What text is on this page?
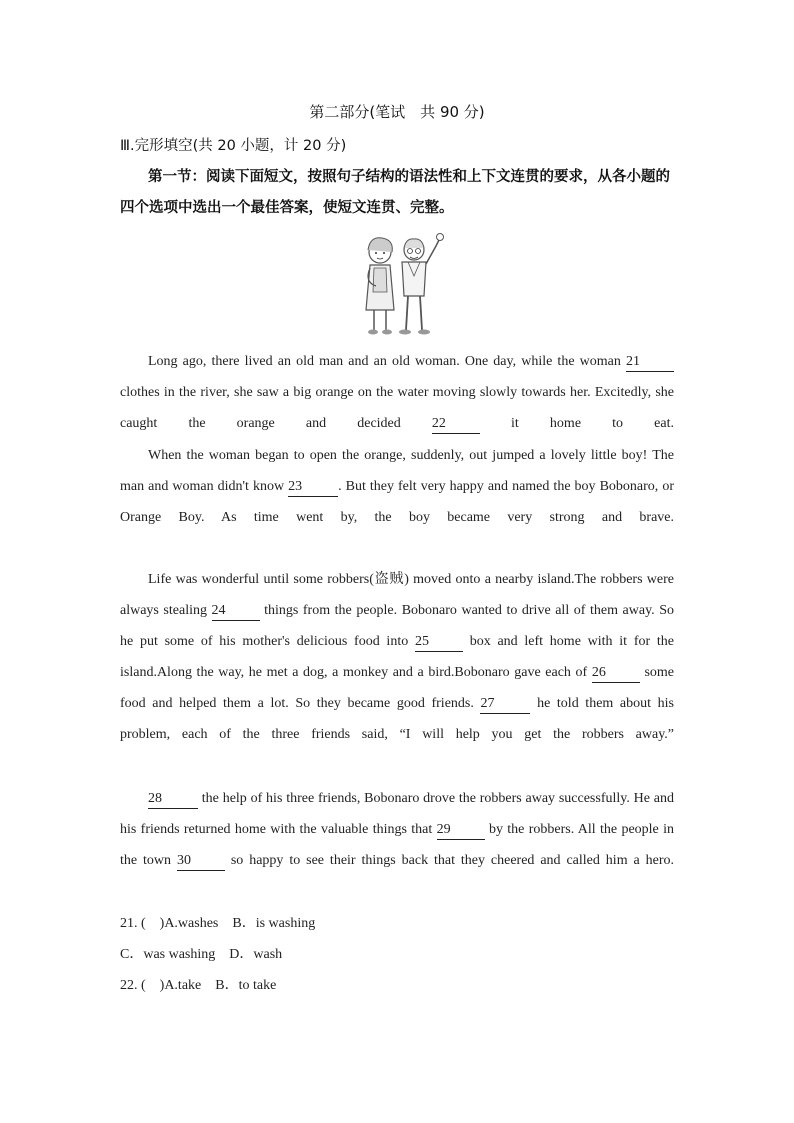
第二部分(笔试　共 90 分)
Ⅲ.完形填空(共 20 小题，计 20 分)
第一节：阅读下面短文，按照句子结构的语法性和上下文连贯的要求，从各小题的四个选项中选出一个最佳答案，使短文连贯、完整。
Long ago, there lived an old man and an old woman. One day, while the woman 21 clothes in the river, she saw a big orange on the water moving slowly towards her. Excitedly, she caught the orange and decided 22 it home to eat.
When the woman began to open the orange, suddenly, out jumped a lovely little boy! The man and woman didn't know 23	. But they felt very happy and named the boy Bobonaro, or Orange Boy. As time went by, the boy became very strong and brave.
Life was wonderful until some robbers(盗贼) moved onto a nearby island.The robbers were always stealing 24 things from the people. Bobonaro wanted to drive all of them away. So he put some of his mother's delicious food into 25 box and left home with it for the island.Along the way, he met a dog, a monkey and a bird.Bobonaro gave each of 26 some food and helped them a lot. So they became good friends. 27	he told them about his problem, each of the three friends said, “I will help you get the robbers away.”
28	the help of his three friends, Bobonaro drove the robbers away successfully. He and his friends returned home with the valuable things that 29 by the robbers. All the people in the town 30 so happy to see their things back that they cheered and called him a hero.
21. (　)A.washes　B．is washing
C．was washing　D．wash
22. (　)A.take　B．to take
